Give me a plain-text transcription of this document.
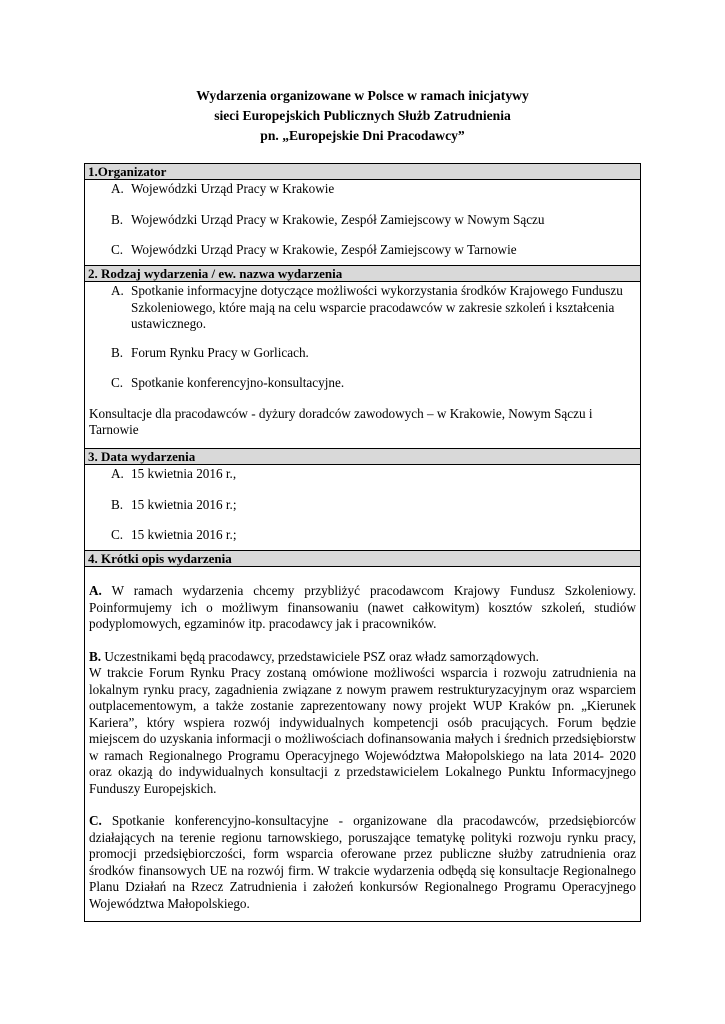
Wydarzenia organizowane w Polsce w ramach inicjatywy
sieci Europejskich Publicznych Służb Zatrudnienia
pn. „Europejskie Dni Pracodawcy”
1.Organizator
A. Wojewódzki Urząd Pracy w Krakowie
B. Wojewódzki Urząd Pracy w Krakowie, Zespół Zamiejscowy w Nowym Sączu
C. Wojewódzki Urząd Pracy w Krakowie, Zespół Zamiejscowy w Tarnowie
2. Rodzaj wydarzenia / ew. nazwa wydarzenia
A. Spotkanie informacyjne dotyczące możliwości wykorzystania środków Krajowego Funduszu Szkoleniowego, które mają na celu wsparcie pracodawców w zakresie szkoleń i kształcenia ustawicznego.
B. Forum Rynku Pracy w Gorlicach.
C. Spotkanie konferencyjno-konsultacyjne.

Konsultacje dla pracodawców - dyżury doradców zawodowych – w Krakowie, Nowym Sączu i Tarnowie

3. Data wydarzenia
A. 15 kwietnia 2016 r.,
B. 15 kwietnia 2016 r.;
C. 15 kwietnia 2016 r.;
4. Krótki opis wydarzenia

A. W ramach wydarzenia chcemy przybliżyć pracodawcom Krajowy Fundusz Szkoleniowy. Poinformujemy ich o możliwym finansowaniu (nawet całkowitym) kosztów szkoleń, studiów podyplomowych, egzaminów itp. pracodawcy jak i pracowników.

B. Uczestnikami będą pracodawcy, przedstawiciele PSZ oraz władz samorządowych.

W trakcie Forum Rynku Pracy zostaną omówione możliwości wsparcia i rozwoju zatrudnienia na lokalnym rynku pracy, zagadnienia związane z nowym prawem restrukturyzacyjnym oraz wsparciem outplacementowym, a także zostanie zaprezentowany nowy projekt WUP Kraków pn. „Kierunek Kariera”, który wspiera rozwój indywidualnych kompetencji osób pracujących. Forum będzie miejscem do uzyskania informacji o możliwościach dofinansowania małych i średnich przedsiębiorstw w ramach Regionalnego Programu Operacyjnego Województwa Małopolskiego na lata 2014- 2020 oraz okazją do indywidualnych konsultacji z przedstawicielem Lokalnego Punktu Informacyjnego Funduszy Europejskich.

C. Spotkanie konferencyjno-konsultacyjne - organizowane dla pracodawców, przedsiębiorców działających na terenie regionu tarnowskiego, poruszające tematykę polityki rozwoju rynku pracy, promocji przedsiębiorczości, form wsparcia oferowane przez publiczne służby zatrudnienia oraz środków finansowych UE na rozwój firm. W trakcie wydarzenia odbędą się konsultacje Regionalnego Planu Działań na Rzecz Zatrudnienia i założeń konkursów Regionalnego Programu Operacyjnego Województwa Małopolskiego.
